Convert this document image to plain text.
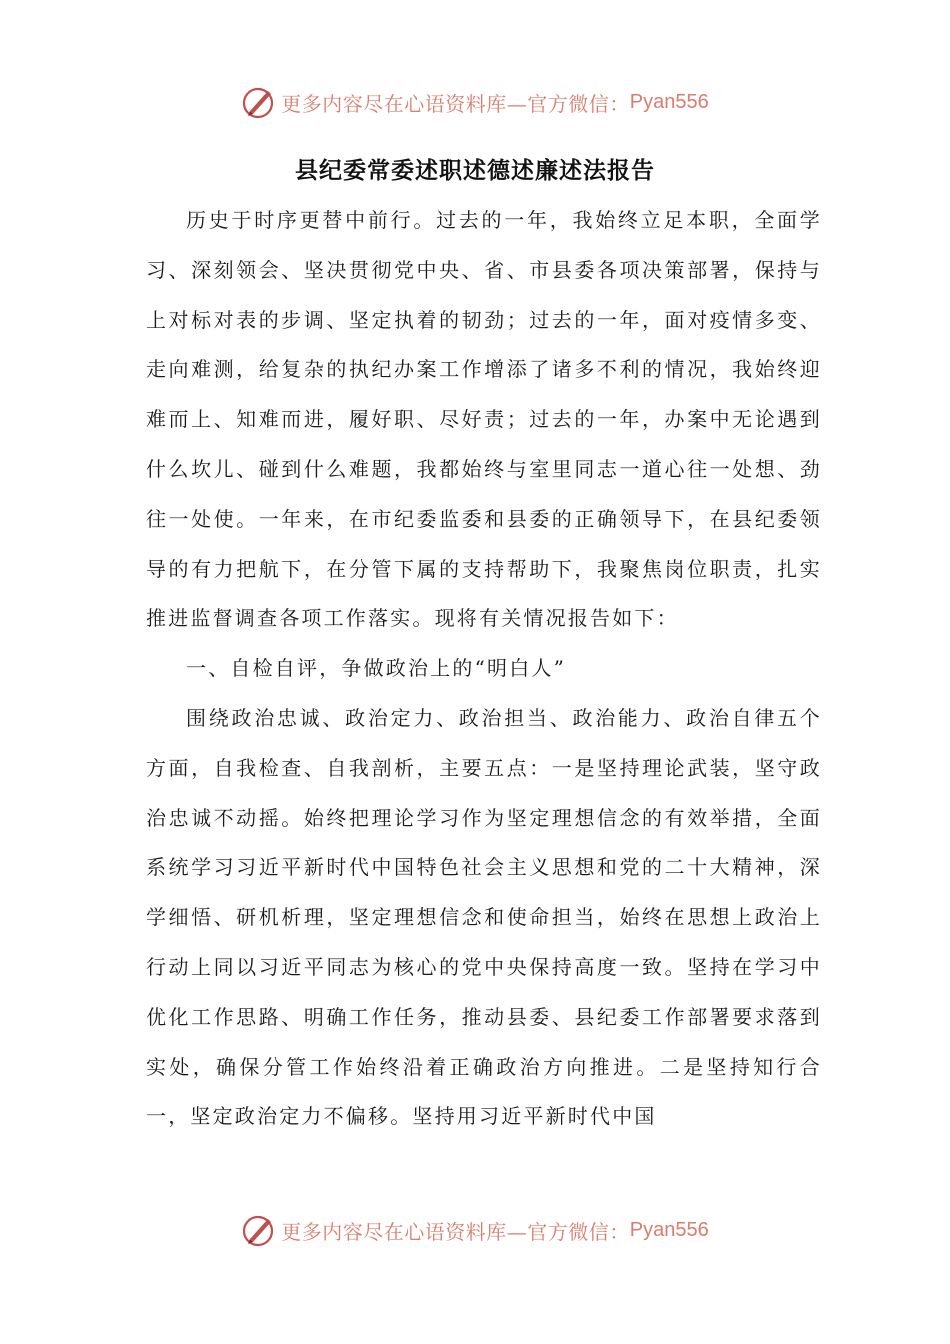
更多内容尽在心语资料库—官方微信： Pyan556
县纪委常委述职述德述廉述法报告

历史于时序更替中前行。过去的一年，我始终立足本职，全面学习、深刻领会、坚决贯彻党中央、省、市县委各项决策部署，保持与上对标对表的步调、坚定执着的韧劲；过去的一年，面对疫情多变、走向难测，给复杂的执纪办案工作增添了诸多不利的情况，我始终迎难而上、知难而进，履好职、尽好责；过去的一年，办案中无论遇到什么坎儿、碰到什么难题，我都始终与室里同志一道心往一处想、劲往一处使。一年来，在市纪委监委和县委的正确领导下，在县纪委领导的有力把航下，在分管下属的支持帮助下，我聚焦岗位职责，扎实推进监督调查各项工作落实。现将有关情况报告如下：

一、自检自评，争做政治上的“明白人”

围绕政治忠诚、政治定力、政治担当、政治能力、政治自律五个方面，自我检查、自我剖析，主要五点：一是坚持理论武装，坚守政治忠诚不动摇。始终把理论学习作为坚定理想信念的有效举措，全面系统学习习近平新时代中国特色社会主义思想和党的二十大精神，深学细悟、研机析理，坚定理想信念和使命担当，始终在思想上政治上行动上同以习近平同志为核心的党中央保持高度一致。坚持在学习中优化工作思路、明确工作任务，推动县委、县纪委工作部署要求落到实处，确保分管工作始终沿着正确政治方向推进。二是坚持知行合一，坚定政治定力不偏移。坚持用习近平新时代中国

更多内容尽在心语资料库—官方微信： Pyan556
